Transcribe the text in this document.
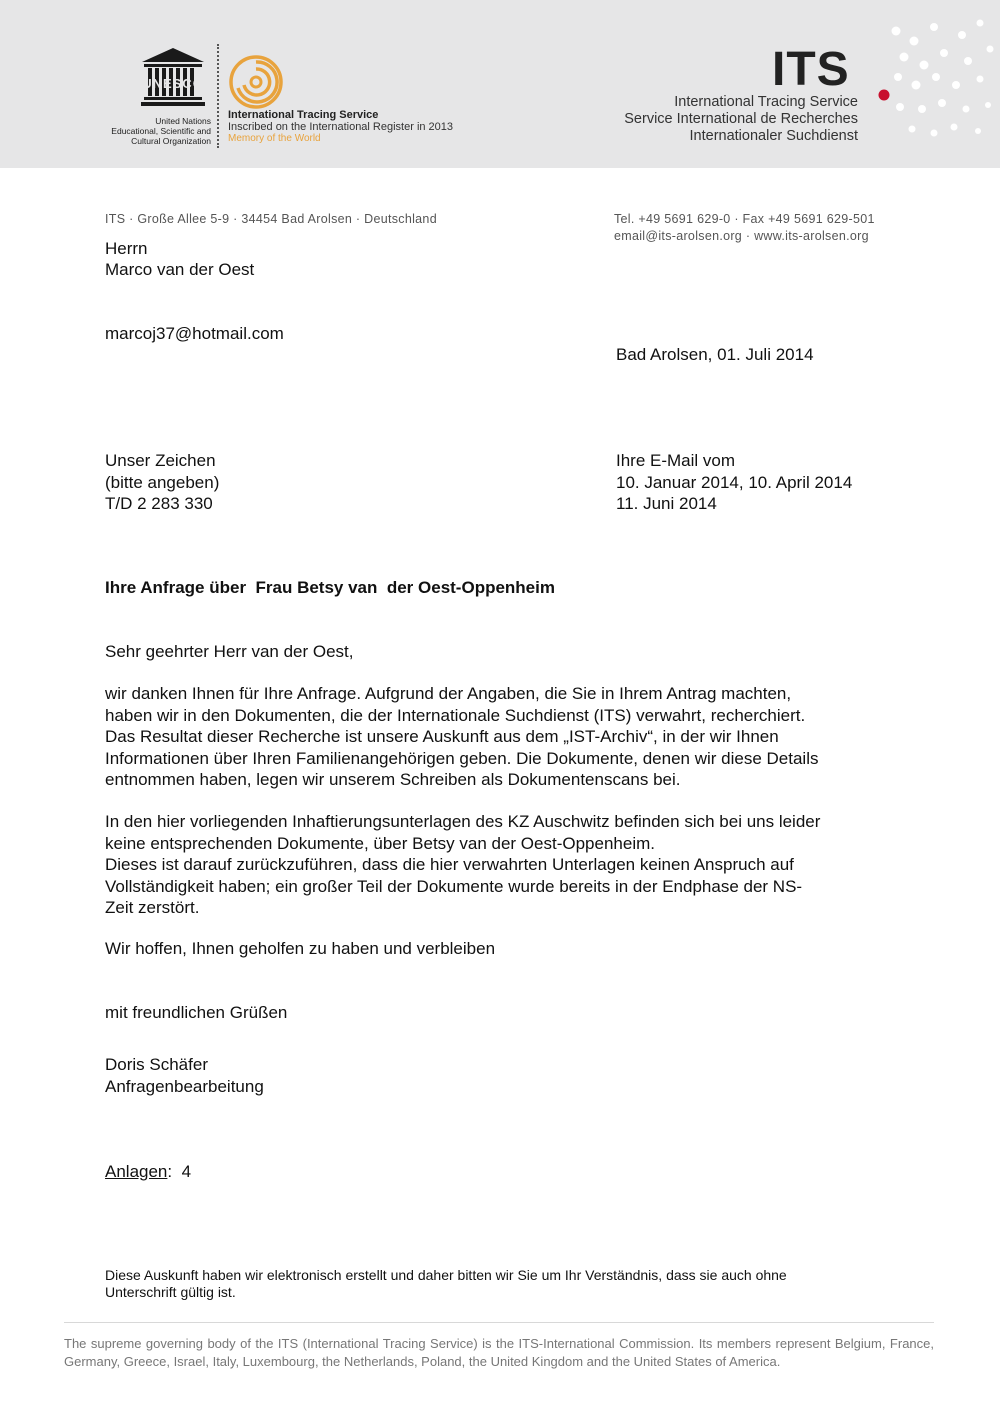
UNESCO
United Nations
Educational, Scientific and
Cultural Organization
International Tracing Service
Inscribed on the International Register in 2013
Memory of the World
ITS
International Tracing Service
Service International de Recherches
Internationaler Suchdienst
ITS · Große Allee 5-9 · 34454 Bad Arolsen · Deutschland	Tel. +49 5691 629-0 · Fax +49 5691 629-501
email@its-arolsen.org · www.its-arolsen.org
Herrn
Marco van der Oest
marcoj37@hotmail.com
Bad Arolsen, 01. Juli 2014
Unser Zeichen
(bitte angeben)
T/D 2 283 330
Ihre E-Mail vom
10. Januar 2014, 10. April 2014
11. Juni 2014
Ihre Anfrage über  Frau Betsy van  der Oest-Oppenheim
Sehr geehrter Herr van der Oest,
wir danken Ihnen für Ihre Anfrage. Aufgrund der Angaben, die Sie in Ihrem Antrag machten,
haben wir in den Dokumenten, die der Internationale Suchdienst (ITS) verwahrt, recherchiert.
Das Resultat dieser Recherche ist unsere Auskunft aus dem „IST-Archiv“, in der wir Ihnen
Informationen über Ihren Familienangehörigen geben. Die Dokumente, denen wir diese Details
entnommen haben, legen wir unserem Schreiben als Dokumentenscans bei.
In den hier vorliegenden Inhaftierungsunterlagen des KZ Auschwitz befinden sich bei uns leider
keine entsprechenden Dokumente, über Betsy van der Oest-Oppenheim.
Dieses ist darauf zurückzuführen, dass die hier verwahrten Unterlagen keinen Anspruch auf
Vollständigkeit haben; ein großer Teil der Dokumente wurde bereits in der Endphase der NS-
Zeit zerstört.
Wir hoffen, Ihnen geholfen zu haben und verbleiben
mit freundlichen Grüßen
Doris Schäfer
Anfragenbearbeitung
Anlagen:  4
Diese Auskunft haben wir elektronisch erstellt und daher bitten wir Sie um Ihr Verständnis, dass sie auch ohne
Unterschrift gültig ist.
The supreme governing body of the ITS (International Tracing Service) is the ITS-International Commission. Its members represent Belgium, France, Germany, Greece, Israel, Italy, Luxembourg, the Netherlands, Poland, the United Kingdom and the United States of America.
